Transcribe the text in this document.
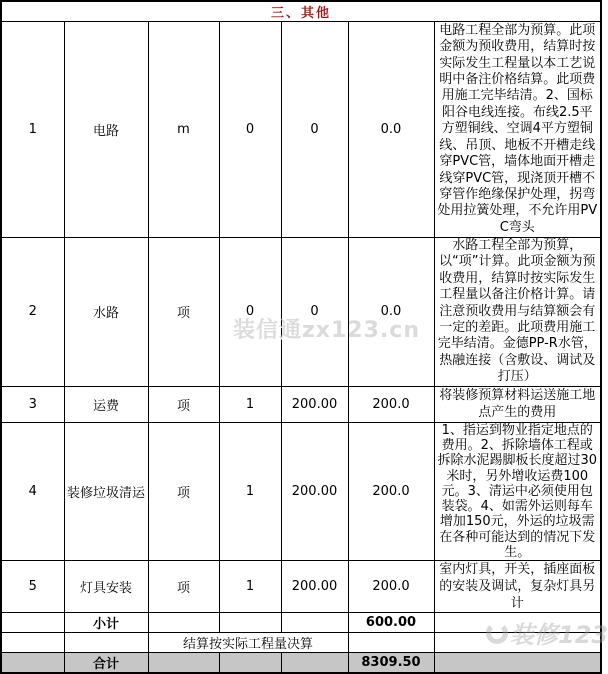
三、其他						
1	电路	m	0	0	0.0	电路工程全部为预算。此项金额为预收费用，结算时按实际发生工程量以本工艺说明中备注价格结算。此项费用施工完毕结清。2、国标阳谷电线连接。布线2.5平方塑铜线、空调4平方塑铜线、吊顶、地板不开槽走线穿PVC管，墙体地面开槽走线穿PVC管，现浇顶开槽不穿管作绝缘保护处理，拐弯处用拉簧处理，不允许用PVC弯头
2	水路	项	0	0	0.0	水路工程全部为预算，以“项”计算。此项金额为预收费用，结算时按实际发生工程量以备注价格计算。请注意预收费用与结算额会有一定的差距。此项费用施工完毕结清。金德PP-R水管，热融连接（含敷设、调试及打压）
3	运费	项	1	200.00	200.0	将装修预算材料运送施工地点产生的费用
4	装修垃圾清运	项	1	200.00	200.0	1、指运到物业指定地点的费用。2、拆除墙体工程或拆除水泥踢脚板长度超过30米时，另外增收运费100元。3、清运中必须使用包装袋。4、如需外运则每车增加150元，外运的垃圾需在各种可能达到的情况下发生。
5	灯具安装	项	1	200.00	200.0	室内灯具，开关，插座面板的安装及调试，复杂灯具另计
	小计				600.00	
		结算按实际工程量决算				
	合计				8309.50	
装信通zx123.cn
装修123
